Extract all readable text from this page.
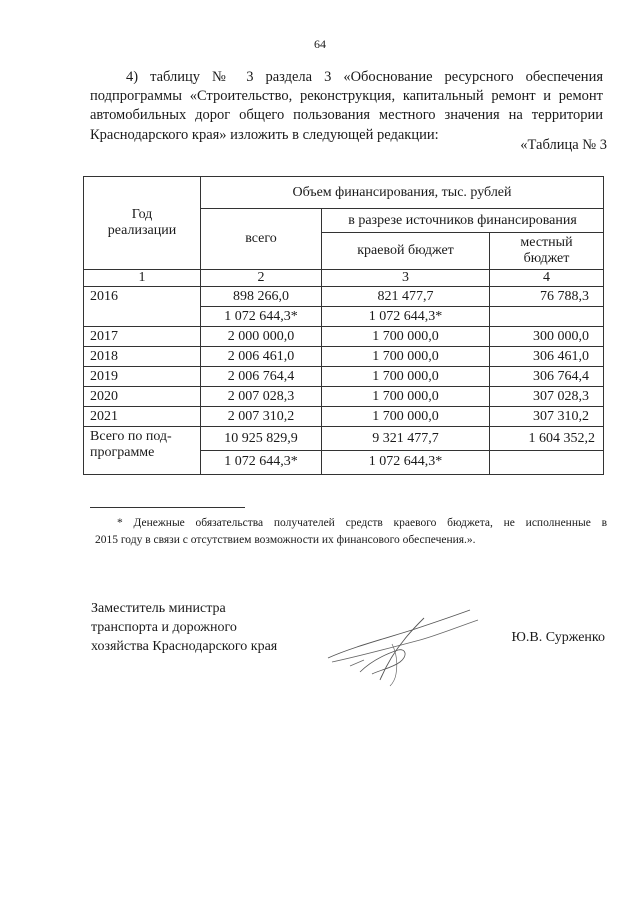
64
4) таблицу № 3 раздела 3 «Обоснование ресурсного обеспечения
подпрограммы «Строительство, реконструкция, капитальный ремонт и ремонт
автомобильных дорог общего пользования местного значения на территории
Краснодарского края» изложить в следующей редакции:
«Таблица № 3
Год реализации	Объем финансирования, тыс. рублей		
	всего	в разрезе источников финансирования	
		краевой бюджет	местный бюджет
1	2	3	4
2016	898 266,0	821 477,7	76 788,3
	1 072 644,3*	1 072 644,3*	
2017	2 000 000,0	1 700 000,0	300 000,0
2018	2 006 461,0	1 700 000,0	306 461,0
2019	2 006 764,4	1 700 000,0	306 764,4
2020	2 007 028,3	1 700 000,0	307 028,3
2021	2 007 310,2	1 700 000,0	307 310,2
Всего по под-программе	10 925 829,9	9 321 477,7	1 604 352,2
	1 072 644,3*	1 072 644,3*	
* Денежные обязательства получателей средств краевого бюджета, не исполненные в
2015 году в связи с отсутствием возможности их финансового обеспечения.».
Заместитель министра
транспорта и дорожного
хозяйства Краснодарского края
Ю.В. Сурженко
